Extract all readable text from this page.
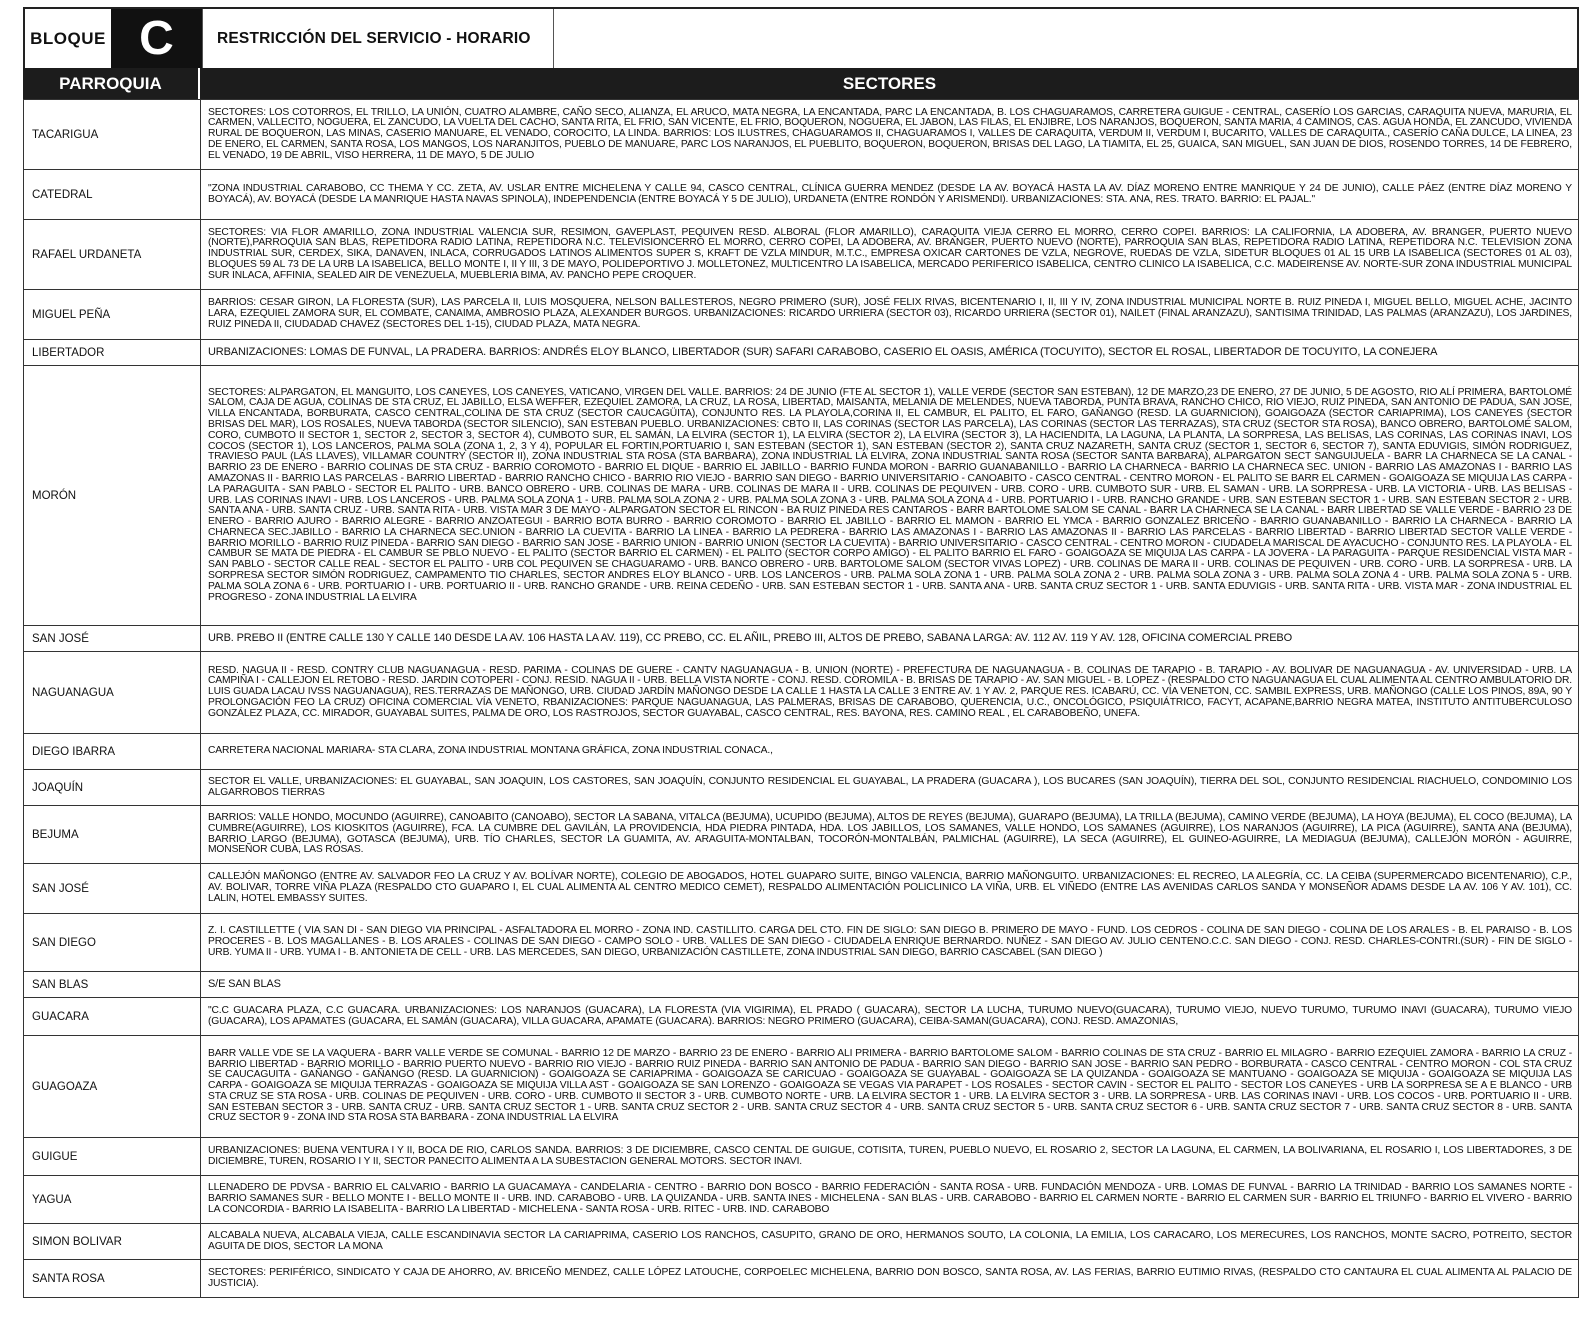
BLOQUE C	RESTRICCIÓN DEL SERVICIO - HORARIO
PARROQUIA	SECTORES
TACARIGUA	SECTORES: LOS COTORROS, EL TRILLO, LA UNIÓN, CUATRO ALAMBRE, CAÑO SECO, ALIANZA, EL ARUCO, MATA NEGRA, LA ENCANTADA, PARC LA ENCANTADA, B. LOS CHAGUARAMOS, CARRETERA GUIGUE - CENTRAL, CASERÍO LOS GARCIAS, CARAQUITA NUEVA, MARURIA, EL CARMEN, VALLECITO, NOGUERA, EL ZANCUDO, LA VUELTA DEL CACHO, SANTA RITA, EL FRIO, SAN VICENTE, EL FRIO, BOQUERON, NOGUERA, EL JABON, LAS FILAS, EL ENJIBRE, LOS NARANJOS, BOQUERON, SANTA MARIA, 4 CAMINOS, CAS. AGUA HONDA, EL ZANCUDO, VIVIENDA RURAL DE BOQUERON, LAS MINAS, CASERIO MANUARE, EL VENADO, COROCITO, LA LINDA. BARRIOS: LOS ILUSTRES, CHAGUARAMOS II, CHAGUARAMOS I, VALLES DE CARAQUITA, VERDUM II, VERDUM I, BUCARITO, VALLES DE CARAQUITA., CASERÍO CAÑA DULCE, LA LINEA, 23 DE ENERO, EL CARMEN, SANTA ROSA, LOS MANGOS, LOS NARANJITOS, PUEBLO DE MANUARE, PARC LOS NARANJOS, EL PUEBLITO, BOQUERON, BOQUERON, BRISAS DEL LAGO, LA TIAMITA, EL 25, GUAICA, SAN MIGUEL, SAN JUAN DE DIOS, ROSENDO TORRES, 14 DE FEBRERO, EL VENADO, 19 DE ABRIL, VISO HERRERA, 11 DE MAYO, 5 DE JULIO
CATEDRAL	"ZONA INDUSTRIAL CARABOBO, CC THEMA Y CC. ZETA, AV. USLAR ENTRE MICHELENA Y CALLE 94, CASCO CENTRAL, CLÍNICA GUERRA MENDEZ (DESDE LA AV. BOYACÁ HASTA LA AV. DÍAZ MORENO ENTRE MANRIQUE Y 24 DE JUNIO), CALLE PÁEZ (ENTRE DÍAZ MORENO Y BOYACÁ), AV. BOYACÁ (DESDE LA MANRIQUE HASTA NAVAS SPINOLA), INDEPENDENCIA (ENTRE BOYACÁ Y 5 DE JULIO), URDANETA (ENTRE RONDÓN Y ARISMENDI). URBANIZACIONES: STA. ANA, RES. TRATO. BARRIO: EL PAJAL."
RAFAEL URDANETA	SECTORES: VIA FLOR AMARILLO, ZONA INDUSTRIAL VALENCIA SUR, RESIMON, GAVEPLAST, PEQUIVEN RESD. ALBORAL (FLOR AMARILLO), CARAQUITA VIEJA CERRO EL MORRO, CERRO COPEI. BARRIOS: LA CALIFORNIA, LA ADOBERA, AV. BRANGER, PUERTO NUEVO (NORTE),PARROQUIA SAN BLAS, REPETIDORA RADIO LATINA, REPETIDORA N.C. TELEVISIONCERRO EL MORRO, CERRO COPEI, LA ADOBERA, AV. BRANGER, PUERTO NUEVO (NORTE), PARROQUIA SAN BLAS, REPETIDORA RADIO LATINA, REPETIDORA N.C. TELEVISION ZONA INDUSTRIAL SUR, CERDEX, SIKA, DANAVEN, INLACA, CORRUGADOS LATINOS ALIMENTOS SUPER S, KRAFT DE VZLA MINDUR, M.T.C., EMPRESA OXICAR CARTONES DE VZLA, NEGROVE, RUEDAS DE VZLA, SIDETUR BLOQUES 01 AL 15 URB LA ISABELICA (SECTORES 01 AL 03), BLOQUES 59 AL 73 DE LA URB LA ISABELICA, BELLO MONTE I, II Y III, 3 DE MAYO, POLIDEPORTIVO J. MOLLETONEZ, MULTICENTRO LA ISABELICA, MERCADO PERIFERICO ISABELICA, CENTRO CLINICO LA ISABELICA, C.C. MADEIRENSE AV. NORTE-SUR ZONA INDUSTRIAL MUNICIPAL SUR INLACA, AFFINIA, SEALED AIR DE VENEZUELA, MUEBLERIA BIMA, AV. PANCHO PEPE CROQUER.
MIGUEL PEÑA	BARRIOS: CESAR GIRON, LA FLORESTA (SUR), LAS PARCELA II, LUIS MOSQUERA, NELSON BALLESTEROS, NEGRO PRIMERO (SUR), JOSÉ FELIX RIVAS, BICENTENARIO I, II, III Y IV, ZONA INDUSTRIAL MUNICIPAL NORTE B. RUIZ PINEDA I, MIGUEL BELLO, MIGUEL ACHE, JACINTO LARA, EZEQUIEL ZAMORA SUR, EL COMBATE, CANAIMA, AMBROSIO PLAZA, ALEXANDER BURGOS. URBANIZACIONES: RICARDO URRIERA (SECTOR 03), RICARDO URRIERA (SECTOR 01), NAILET (FINAL ARANZAZU), SANTISIMA TRINIDAD, LAS PALMAS (ARANZAZU), LOS JARDINES, RUIZ PINEDA II, CIUDADAD CHAVEZ (SECTORES DEL 1-15), CIUDAD PLAZA, MATA NEGRA.
LIBERTADOR	URBANIZACIONES: LOMAS DE FUNVAL, LA PRADERA. BARRIOS: ANDRÉS ELOY BLANCO, LIBERTADOR (SUR) SAFARI CARABOBO, CASERIO EL OASIS, AMÉRICA (TOCUYITO), SECTOR EL ROSAL, LIBERTADOR DE TOCUYITO, LA CONEJERA
MORÓN	SECTORES: ALPARGATON, EL MANGUITO, LOS CANEYES, LOS CANEYES, VATICANO, VIRGEN DEL VALLE. BARRIOS: 24 DE JUNIO (FTE AL SECTOR 1), VALLE VERDE (SECTOR SAN ESTEBAN), 12 DE MARZO,23 DE ENERO, 27 DE JUNIO, 5 DE AGOSTO, RIO ALÍ PRIMERA, BARTOLOMÉ SALOM, CAJA DE AGUA, COLINAS DE STA CRUZ, EL JABILLO, ELSA WEFFER, EZEQUIEL ZAMORA, LA CRUZ, LA ROSA, LIBERTAD, MAISANTA, MELANIA DE MELENDES, NUEVA TABORDA, PUNTA BRAVA, RANCHO CHICO, RIO VIEJO, RUIZ PINEDA, SAN ANTONIO DE PADUA, SAN JOSE, VILLA ENCANTADA, BORBURATA, CASCO CENTRAL,COLINA DE STA CRUZ (SECTOR CAUCAGÜITA), CONJUNTO RES. LA PLAYOLA,CORINA II, EL CAMBUR, EL PALITO, EL FARO, GAÑANGO (RESD. LA GUARNICION), GOAIGOAZA (SECTOR CARIAPRIMA), LOS CANEYES (SECTOR BRISAS DEL MAR), LOS ROSALES, NUEVA TABORDA (SECTOR SILENCIO), SAN ESTEBAN PUEBLO. URBANIZACIONES: CBTO II, LAS CORINAS (SECTOR LAS PARCELA), LAS CORINAS (SECTOR LAS TERRAZAS), STA CRUZ (SECTOR STA ROSA), BANCO OBRERO, BARTOLOMÉ SALOM, CORO, CUMBOTO II SECTOR 1, SECTOR 2, SECTOR 3, SECTOR 4), CUMBOTO SUR, EL SAMÁN, LA ELVIRA (SECTOR 1), LA ELVIRA (SECTOR 2), LA ELVIRA (SECTOR 3), LA HACIENDITA, LA LAGUNA, LA PLANTA, LA SORPRESA, LAS BELISAS, LAS CORINAS, LAS CORINAS INAVI, LOS COCOS (SECTOR 1), LOS LANCEROS, PALMA SOLA (ZONA 1, 2, 3 Y 4), POPULAR EL FORTIN,PORTUARIO I, SAN ESTEBAN (SECTOR 1), SAN ESTEBAN (SECTOR 2), SANTA CRUZ NAZARETH, SANTA CRUZ (SECTOR 1, SECTOR 6, SECTOR 7), SANTA EDUVIGIS, SIMÓN RODRIGUEZ, TRAVIESO PAUL (LAS LLAVES), VILLAMAR COUNTRY (SECTOR II), ZONA INDUSTRIAL STA ROSA (STA BARBARA), ZONA INDUSTRIAL LA ELVIRA, ZONA INDUSTRIAL SANTA ROSA (SECTOR SANTA BARBARA), ALPARGATON SECT SANGUIJUELA - BARR LA CHARNECA SE LA CANAL - BARRIO 23 DE ENERO - BARRIO COLINAS DE STA CRUZ - BARRIO COROMOTO - BARRIO EL DIQUE - BARRIO EL JABILLO - BARRIO FUNDA MORON - BARRIO GUANABANILLO - BARRIO LA CHARNECA - BARRIO LA CHARNECA SEC. UNION - BARRIO LAS AMAZONAS I - BARRIO LAS AMAZONAS II - BARRIO LAS PARCELAS - BARRIO LIBERTAD - BARRIO RANCHO CHICO - BARRIO RIO VIEJO - BARRIO SAN DIEGO - BARRIO UNIVERSITARIO - CANOABITO - CASCO CENTRAL - CENTRO MORON - EL PALITO SE BARR EL CARMEN - GOAIGOAZA SE MIQUIJA LAS CARPA - LA PARAGUITA - SAN PABLO - SECTOR EL PALITO - URB. BANCO OBRERO - URB. COLINAS DE MARA - URB. COLINAS DE MARA II - URB. COLINAS DE PEQUIVEN - URB. CORO - URB. CUMBOTO SUR - URB. EL SAMAN - URB. LA SORPRESA - URB. LA VICTORIA - URB. LAS BELISAS - URB. LAS CORINAS INAVI - URB. LOS LANCEROS - URB. PALMA SOLA ZONA 1 - URB. PALMA SOLA ZONA 2 - URB. PALMA SOLA ZONA 3 - URB. PALMA SOLA ZONA 4 - URB. PORTUARIO I - URB. RANCHO GRANDE - URB. SAN ESTEBAN SECTOR 1 - URB. SAN ESTEBAN SECTOR 2 - URB. SANTA ANA - URB. SANTA CRUZ - URB. SANTA RITA - URB. VISTA MAR 3 DE MAYO - ALPARGATON SECTOR EL RINCON - BA RUIZ PINEDA RES CANTAROS - BARR BARTOLOME SALOM SE CANAL - BARR LA CHARNECA SE LA CANAL - BARR LIBERTAD SE VALLE VERDE - BARRIO 23 DE ENERO - BARRIO AJURO - BARRIO ALEGRE - BARRIO ANZOATEGUI - BARRIO BOTA BURRO - BARRIO COROMOTO - BARRIO EL JABILLO - BARRIO EL MAMON - BARRIO EL YMCA - BARRIO GONZALEZ BRICEÑO - BARRIO GUANABANILLO - BARRIO LA CHARNECA - BARRIO LA CHARNECA SEC.JABILLO - BARRIO LA CHARNECA SEC.UNION - BARRIO LA CUEVITA - BARRIO LA LINEA - BARRIO LA PEDRERA - BARRIO LAS AMAZONAS I - BARRIO LAS AMAZONAS II - BARRIO LAS PARCELAS - BARRIO LIBERTAD - BARRIO LIBERTAD SECTOR VALLE VERDE - BARRIO MORILLO - BARRIO RUIZ PINEDA - BARRIO SAN DIEGO - BARRIO SAN JOSE - BARRIO UNION - BARRIO UNION (SECTOR LA CUEVITA) - BARRIO UNIVERSITARIO - CASCO CENTRAL - CENTRO MORON - CIUDADELA MARISCAL DE AYACUCHO - CONJUNTO RES. LA PLAYOLA - EL CAMBUR SE MATA DE PIEDRA - EL CAMBUR SE PBLO NUEVO - EL PALITO (SECTOR BARRIO EL CARMEN) - EL PALITO (SECTOR CORPO AMIGO) - EL PALITO BARRIO EL FARO - GOAIGOAZA SE MIQUIJA LAS CARPA - LA JOVERA - LA PARAGUITA - PARQUE RESIDENCIAL VISTA MAR - SAN PABLO - SECTOR CALLE REAL - SECTOR EL PALITO - URB COL PEQUIVEN SE CHAGUARAMO - URB. BANCO OBRERO - URB. BARTOLOME SALOM (SECTOR VIVAS LOPEZ) - URB. COLINAS DE MARA II - URB. COLINAS DE PEQUIVEN - URB. CORO - URB. LA SORPRESA - URB. LA SORPRESA SECTOR SIMÓN RODRIGUEZ, CAMPAMENTO TIO CHARLES, SECTOR ANDRES ELOY BLANCO - URB. LOS LANCEROS - URB. PALMA SOLA ZONA 1 - URB. PALMA SOLA ZONA 2 - URB. PALMA SOLA ZONA 3 - URB. PALMA SOLA ZONA 4 - URB. PALMA SOLA ZONA 5 - URB. PALMA SOLA ZONA 6 - URB. PORTUARIO I - URB. PORTUARIO II - URB. RANCHO GRANDE - URB. REINA CEDEÑO - URB. SAN ESTEBAN SECTOR 1 - URB. SANTA ANA - URB. SANTA CRUZ SECTOR 1 - URB. SANTA EDUVIGIS - URB. SANTA RITA - URB. VISTA MAR - ZONA INDUSTRIAL EL PROGRESO - ZONA INDUSTRIAL LA ELVIRA
SAN JOSÉ	URB. PREBO II (ENTRE CALLE 130 Y CALLE 140 DESDE LA AV. 106 HASTA LA AV. 119), CC PREBO, CC. EL AÑIL, PREBO III, ALTOS DE PREBO, SABANA LARGA: AV. 112 AV. 119 Y AV. 128, OFICINA COMERCIAL PREBO
NAGUANAGUA	RESD. NAGUA II - RESD. CONTRY CLUB NAGUANAGUA - RESD. PARIMA - COLINAS DE GUERE - CANTV NAGUANAGUA - B. UNION (NORTE) - PREFECTURA DE NAGUANAGUA - B. COLINAS DE TARAPIO - B. TARAPIO - AV. BOLIVAR DE NAGUANAGUA - AV. UNIVERSIDAD - URB. LA CAMPIÑA I - CALLEJON EL RETOBO - RESD. JARDIN COTOPERI - CONJ. RESID. NAGUA II - URB. BELLA VISTA NORTE - CONJ. RESD. COROMILA - B. BRISAS DE TARAPIO - AV. SAN MIGUEL - B. LOPEZ - (RESPALDO CTO NAGUANAGUA EL CUAL ALIMENTA AL CENTRO AMBULATORIO DR. LUIS GUADA LACAU IVSS NAGUANAGUA), RES.TERRAZAS DE MAÑONGO, URB. CIUDAD JARDÍN MAÑONGO DESDE LA CALLE 1 HASTA LA CALLE 3 ENTRE AV. 1 Y AV. 2, PARQUE RES. ICABARÚ, CC. VÍA VENETON, CC. SAMBIL EXPRESS, URB. MAÑONGO (CALLE LOS PINOS, 89A, 90 Y PROLONGACIÓN FEO LA CRUZ) OFICINA COMERCIAL VÍA VENETO, RBANIZACIONES: PARQUE NAGUANAGUA, LAS PALMERAS, BRISAS DE CARABOBO, QUERENCIA, U.C., ONCOLÓGICO, PSIQUIÁTRICO, FACYT, ACAPANE,BARRIO NEGRA MATEA, INSTITUTO ANTITUBERCULOSO GONZÁLEZ PLAZA, CC. MIRADOR, GUAYABAL SUITES, PALMA DE ORO, LOS RASTROJOS, SECTOR GUAYABAL, CASCO CENTRAL, RES. BAYONA, RES. CAMINO REAL , EL CARABOBEÑO, UNEFA.
DIEGO IBARRA	CARRETERA NACIONAL MARIARA- STA CLARA, ZONA INDUSTRIAL MONTANA GRÁFICA, ZONA INDUSTRIAL CONACA.,
JOAQUÍN	SECTOR EL VALLE, URBANIZACIONES: EL GUAYABAL, SAN JOAQUIN, LOS CASTORES, SAN JOAQUÍN, CONJUNTO RESIDENCIAL EL GUAYABAL, LA PRADERA (GUACARA ), LOS BUCARES (SAN JOAQUÍN), TIERRA DEL SOL, CONJUNTO RESIDENCIAL RIACHUELO, CONDOMINIO LOS ALGARROBOS TIERRAS
BEJUMA	BARRIOS: VALLE HONDO, MOCUNDO (AGUIRRE), CANOABITO (CANOABO), SECTOR LA SABANA, VITALCA (BEJUMA), UCUPIDO (BEJUMA), ALTOS DE REYES (BEJUMA), GUARAPO (BEJUMA), LA TRILLA (BEJUMA), CAMINO VERDE (BEJUMA), LA HOYA (BEJUMA), EL COCO (BEJUMA), LA CUMBRE(AGUIRRE), LOS KIOSKITOS (AGUIRRE), FCA. LA CUMBRE DEL GAVILÁN, LA PROVIDENCIA, HDA PIEDRA PINTADA, HDA. LOS JABILLOS, LOS SAMANES, VALLE HONDO, LOS SAMANES (AGUIRRE), LOS NARANJOS (AGUIRRE), LA PICA (AGUIRRE), SANTA ANA (BEJUMA), BARRIO LARGO (BEJUMA), GOTASCA (BEJUMA), URB. TÍO CHARLES, SECTOR LA GUAMITA, AV. ARAGUITA-MONTALBAN, TOCORÓN-MONTALBÁN, PALMICHAL (AGUIRRE), LA SECA (AGUIRRE), EL GUINEO-AGUIRRE, LA MEDIAGUA (BEJUMA), CALLEJÓN MORÓN - AGUIRRE, MONSEÑOR CUBA, LAS ROSAS.
SAN JOSÉ	CALLEJÓN MAÑONGO (ENTRE AV. SALVADOR FEO LA CRUZ Y AV. BOLÍVAR NORTE), COLEGIO DE ABOGADOS, HOTEL GUAPARO SUITE, BINGO VALENCIA, BARRIO MAÑONGUITO. URBANIZACIONES: EL RECREO, LA ALEGRÍA, CC. LA CEIBA (SUPERMERCADO BICENTENARIO), C.P., AV. BOLIVAR, TORRE VIÑA PLAZA (RESPALDO CTO GUAPARO I, EL CUAL ALIMENTA AL CENTRO MEDICO CEMET), RESPALDO ALIMENTACIÓN POLICLINICO LA VIÑA, URB. EL VIÑEDO (ENTRE LAS AVENIDAS CARLOS SANDA Y MONSEÑOR ADAMS DESDE LA AV. 106 Y AV. 101), CC. LALIN, HOTEL EMBASSY SUITES.
SAN DIEGO	Z. I. CASTILLETTE ( VIA SAN DI - SAN DIEGO VIA PRINCIPAL - ASFALTADORA EL MORRO - ZONA IND. CASTILLITO. CARGA DEL CTO. FIN DE SIGLO: SAN DIEGO B. PRIMERO DE MAYO - FUND. LOS CEDROS - COLINA DE SAN DIEGO - COLINA DE LOS ARALES - B. EL PARAISO - B. LOS PROCERES - B. LOS MAGALLANES - B. LOS ARALES - COLINAS DE SAN DIEGO - CAMPO SOLO - URB. VALLES DE SAN DIEGO - CIUDADELA ENRIQUE BERNARDO. NUÑEZ - SAN DIEGO AV. JULIO CENTENO.C.C. SAN DIEGO - CONJ. RESD. CHARLES-CONTRI.(SUR) - FIN DE SIGLO - URB. YUMA II - URB. YUMA I - B. ANTONIETA DE CELL - URB. LAS MERCEDES, SAN DIEGO, URBANIZACIÓN CASTILLETE, ZONA INDUSTRIAL SAN DIEGO, BARRIO CASCABEL (SAN DIEGO )
SAN BLAS	S/E SAN BLAS
GUACARA	"C.C GUACARA PLAZA, C.C GUACARA. URBANIZACIONES: LOS NARANJOS (GUACARA), LA FLORESTA (VIA VIGIRIMA), EL PRADO ( GUACARA), SECTOR LA LUCHA, TURUMO NUEVO(GUACARA), TURUMO VIEJO, NUEVO TURUMO, TURUMO INAVI (GUACARA), TURUMO VIEJO (GUACARA), LOS APAMATES (GUACARA, EL SAMÁN (GUACARA), VILLA GUACARA, APAMATE (GUACARA). BARRIOS: NEGRO PRIMERO (GUACARA), CEIBA-SAMAN(GUACARA), CONJ. RESD. AMAZONIAS,
GUAGOAZA	BARR VALLE VDE SE LA VAQUERA - BARR VALLE VERDE SE COMUNAL - BARRIO 12 DE MARZO - BARRIO 23 DE ENERO - BARRIO ALI PRIMERA - BARRIO BARTOLOME SALOM - BARRIO COLINAS DE STA CRUZ - BARRIO EL MILAGRO - BARRIO EZEQUIEL ZAMORA - BARRIO LA CRUZ - BARRIO LIBERTAD - BARRIO MORILLO - BARRIO PUERTO NUEVO - BARRIO RIO VIEJO - BARRIO RUIZ PINEDA - BARRIO SAN ANTONIO DE PADUA - BARRIO SAN DIEGO - BARRIO SAN JOSE - BARRIO SAN PEDRO - BORBURATA - CASCO CENTRAL - CENTRO MORON - COL STA CRUZ SE CAUCAGUITA - GAÑANGO - GAÑANGO (RESD. LA GUARNICION) - GOAIGOAZA SE CARIAPRIMA - GOAIGOAZA SE CARICUAO - GOAIGOAZA SE GUAYABAL - GOAIGOAZA SE LA QUIZANDA - GOAIGOAZA SE MANTUANO - GOAIGOAZA SE MIQUIJA - GOAIGOAZA SE MIQUIJA LAS CARPA - GOAIGOAZA SE MIQUIJA TERRAZAS - GOAIGOAZA SE MIQUIJA VILLA AST - GOAIGOAZA SE SAN LORENZO - GOAIGOAZA SE VEGAS VIA PARAPET - LOS ROSALES - SECTOR CAVIN - SECTOR EL PALITO - SECTOR LOS CANEYES - URB LA SORPRESA SE A E BLANCO - URB STA CRUZ SE STA ROSA - URB. COLINAS DE PEQUIVEN - URB. CORO - URB. CUMBOTO II SECTOR 3 - URB. CUMBOTO NORTE - URB. LA ELVIRA SECTOR 1 - URB. LA ELVIRA SECTOR 3 - URB. LA SORPRESA - URB. LAS CORINAS INAVI - URB. LOS COCOS - URB. PORTUARIO II - URB. SAN ESTEBAN SECTOR 3 - URB. SANTA CRUZ - URB. SANTA CRUZ SECTOR 1 - URB. SANTA CRUZ SECTOR 2 - URB. SANTA CRUZ SECTOR 4 - URB. SANTA CRUZ SECTOR 5 - URB. SANTA CRUZ SECTOR 6 - URB. SANTA CRUZ SECTOR 7 - URB. SANTA CRUZ SECTOR 8 - URB. SANTA CRUZ SECTOR 9 - ZONA IND STA ROSA STA BARBARA - ZONA INDUSTRIAL LA ELVIRA
GUIGUE	URBANIZACIONES: BUENA VENTURA I Y II, BOCA DE RIO, CARLOS SANDA. BARRIOS: 3 DE DICIEMBRE, CASCO CENTAL DE GUIGUE, COTISITA, TUREN, PUEBLO NUEVO, EL ROSARIO 2, SECTOR LA LAGUNA, EL CARMEN, LA BOLIVARIANA, EL ROSARIO I, LOS LIBERTADORES, 3 DE DICIEMBRE, TUREN, ROSARIO I Y II, SECTOR PANECITO ALIMENTA A LA SUBESTACION GENERAL MOTORS. SECTOR INAVI.
YAGUA	LLENADERO DE PDVSA - BARRIO EL CALVARIO - BARRIO LA GUACAMAYA - CANDELARIA - CENTRO - BARRIO DON BOSCO - BARRIO FEDERACIÓN - SANTA ROSA - URB. FUNDACIÓN MENDOZA - URB. LOMAS DE FUNVAL - BARRIO LA TRINIDAD - BARRIO LOS SAMANES NORTE - BARRIO SAMANES SUR - BELLO MONTE I - BELLO MONTE II - URB. IND. CARABOBO - URB. LA QUIZANDA - URB. SANTA INES - MICHELENA - SAN BLAS - URB. CARABOBO - BARRIO EL CARMEN NORTE - BARRIO EL CARMEN SUR - BARRIO EL TRIUNFO - BARRIO EL VIVERO - BARRIO LA CONCORDIA - BARRIO LA ISABELITA - BARRIO LA LIBERTAD - MICHELENA - SANTA ROSA - URB. RITEC - URB. IND. CARABOBO
SIMON BOLIVAR	ALCABALA NUEVA, ALCABALA VIEJA, CALLE ESCANDINAVIA SECTOR LA CARIAPRIMA, CASERIO LOS RANCHOS, CASUPITO, GRANO DE ORO, HERMANOS SOUTO, LA COLONIA, LA EMILIA, LOS CARACARO, LOS MERECURES, LOS RANCHOS, MONTE SACRO, POTREITO, SECTOR AGUITA DE DIOS, SECTOR LA MONA
SANTA ROSA	SECTORES: PERIFÉRICO, SINDICATO Y CAJA DE AHORRO, AV. BRICEÑO MENDEZ, CALLE LÓPEZ LATOUCHE, CORPOELEC MICHELENA, BARRIO DON BOSCO, SANTA ROSA, AV. LAS FERIAS, BARRIO EUTIMIO RIVAS, (RESPALDO CTO CANTAURA EL CUAL ALIMENTA AL PALACIO DE JUSTICIA).
